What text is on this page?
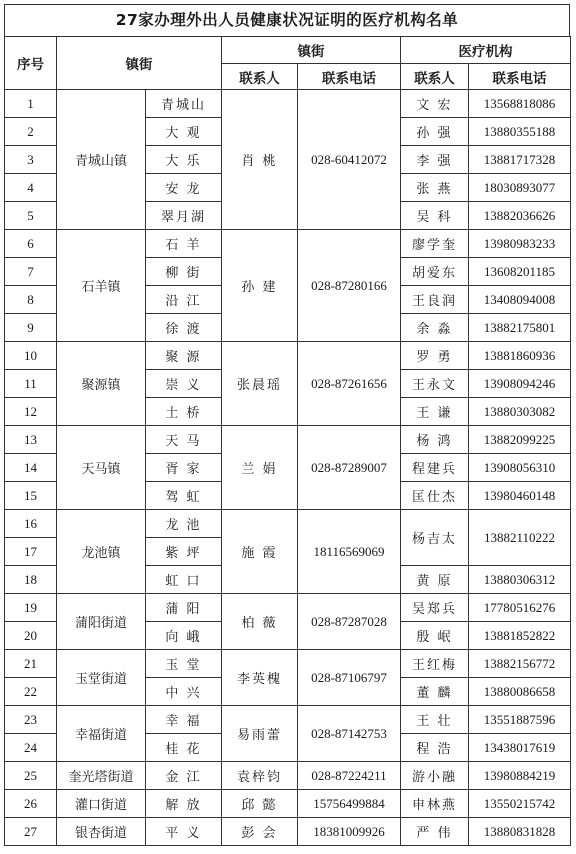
27家办理外出人员健康状况证明的医疗机构名单
序号	镇街		镇街		医疗机构	
			联系人	联系电话	联系人	联系电话
1	青城山镇	青城山	肖 桃	028-60412072	文 宏	13568818086
2		大 观			孙 强	13880355188
3		大 乐			李 强	13881717328
4		安 龙			张 燕	18030893077
5		翠月湖			吴 科	13882036626
6	石羊镇	石 羊	孙 建	028-87280166	廖学奎	13980983233
7		柳 街			胡爱东	13608201185
8		沿 江			王良润	13408094008
9		徐 渡			余 淼	13882175801
10	聚源镇	聚 源	张晨瑶	028-87261656	罗 勇	13881860936
11		崇 义			王永文	13908094246
12		土 桥			王 谦	13880303082
13	天马镇	天 马	兰 娟	028-87289007	杨 鸿	13882099225
14		胥 家			程建兵	13908056310
15		驾 虹			匡仕杰	13980460148
16	龙池镇	龙 池	施 霞	18116569069	杨吉太	13882110222
17		紫 坪				
18		虹 口			黄 原	13880306312
19	蒲阳街道	蒲 阳	柏 薇	028-87287028	吴郑兵	17780516276
20		向 峨			殷 岷	13881852822
21	玉堂街道	玉 堂	李英槐	028-87106797	王红梅	13882156772
22		中 兴			董 麟	13880086658
23	幸福街道	幸 福	易雨蕾	028-87142753	王 壮	13551887596
24		桂 花			程 浩	13438017619
25	奎光塔街道	金 江	袁梓钧	028-87224211	游小融	13980884219
26	灌口街道	解 放	邱 懿	15756499884	申林燕	13550215742
27	银杏街道	平 义	彭 会	18381009926	严 伟	13880831828
